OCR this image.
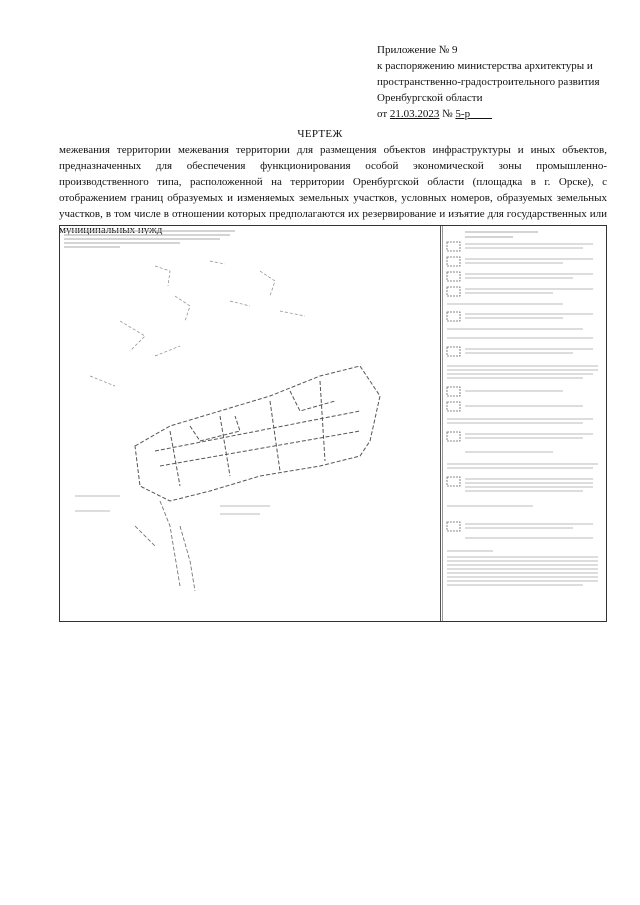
Приложение № 9
к распоряжению министерства архитектуры и
пространственно-градостроительного развития
Оренбургской области
от 21.03.2023 № 5-р
ЧЕРТЕЖ
межевания территории межевания территории для размещения объектов инфраструктуры и иных объектов, предназначенных для обеспечения функционирования особой экономической зоны промышленно-производственного типа, расположенной на территории Оренбургской области (площадка в г. Орске), с отображением границ образуемых и изменяемых земельных участков, условных номеров, образуемых земельных участков, в том числе в отношении которых предполагаются их резервирование и изъятие для государственных или муниципальных нужд
